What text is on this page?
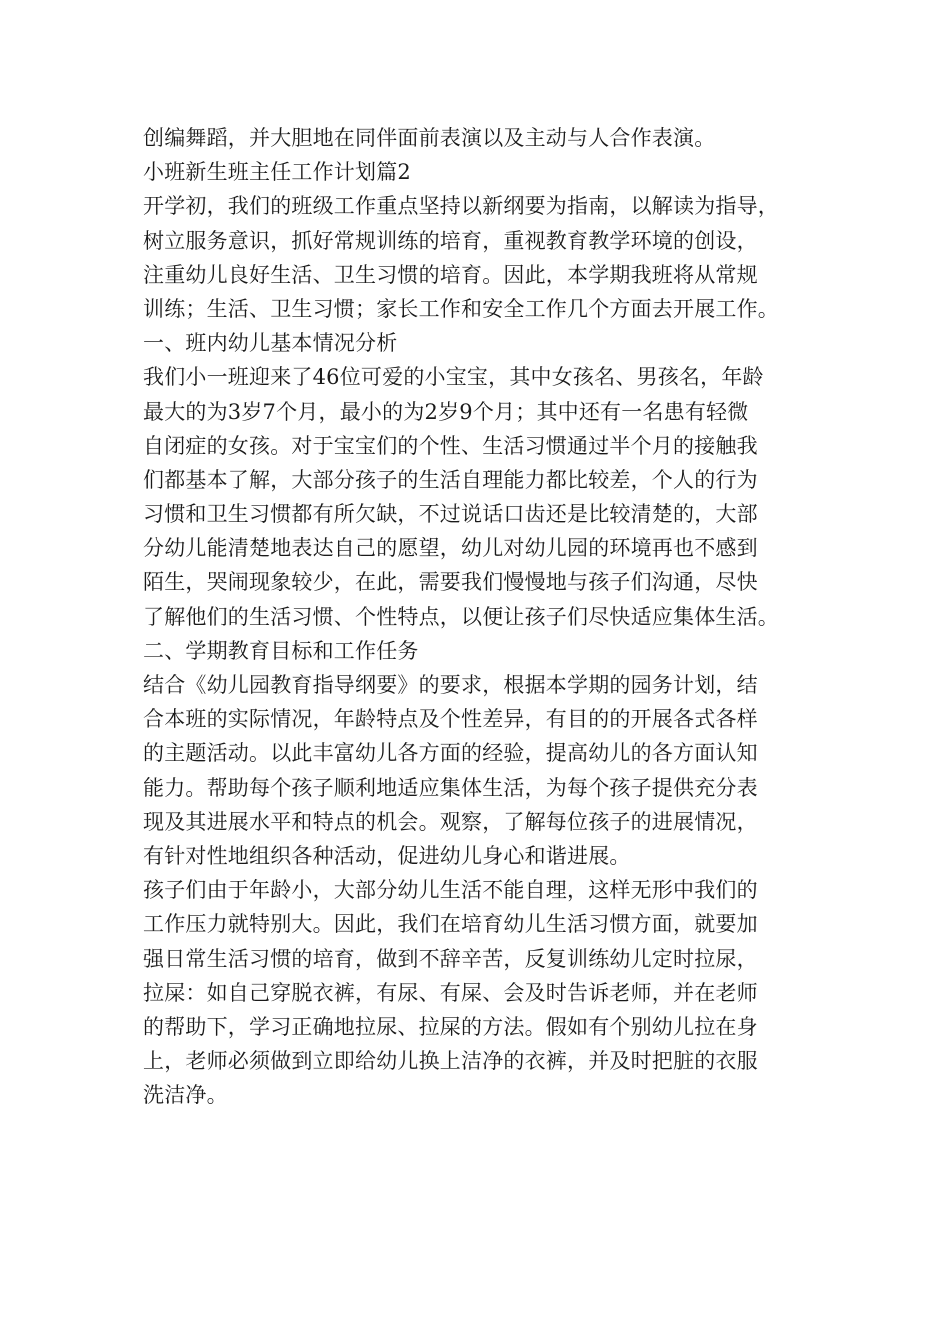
创编舞蹈，并大胆地在同伴面前表演以及主动与人合作表演。
小班新生班主任工作计划篇2
开学初，我们的班级工作重点坚持以新纲要为指南，以解读为指导，
树立服务意识，抓好常规训练的培育，重视教育教学环境的创设，
注重幼儿良好生活、卫生习惯的培育。因此，本学期我班将从常规
训练；生活、卫生习惯；家长工作和安全工作几个方面去开展工作。
一、班内幼儿基本情况分析
我们小一班迎来了46位可爱的小宝宝，其中女孩名、男孩名，年龄
最大的为3岁7个月，最小的为2岁9个月；其中还有一名患有轻微
自闭症的女孩。对于宝宝们的个性、生活习惯通过半个月的接触我
们都基本了解，大部分孩子的生活自理能力都比较差，个人的行为
习惯和卫生习惯都有所欠缺，不过说话口齿还是比较清楚的，大部
分幼儿能清楚地表达自己的愿望，幼儿对幼儿园的环境再也不感到
陌生，哭闹现象较少，在此，需要我们慢慢地与孩子们沟通，尽快
了解他们的生活习惯、个性特点，以便让孩子们尽快适应集体生活。
二、学期教育目标和工作任务
结合《幼儿园教育指导纲要》的要求，根据本学期的园务计划，结
合本班的实际情况，年龄特点及个性差异，有目的的开展各式各样
的主题活动。以此丰富幼儿各方面的经验，提高幼儿的各方面认知
能力。帮助每个孩子顺利地适应集体生活，为每个孩子提供充分表
现及其进展水平和特点的机会。观察，了解每位孩子的进展情况，
有针对性地组织各种活动，促进幼儿身心和谐进展。
孩子们由于年龄小，大部分幼儿生活不能自理，这样无形中我们的
工作压力就特别大。因此，我们在培育幼儿生活习惯方面，就要加
强日常生活习惯的培育，做到不辞辛苦，反复训练幼儿定时拉尿，
拉屎：如自己穿脱衣裤，有尿、有屎、会及时告诉老师，并在老师
的帮助下，学习正确地拉尿、拉屎的方法。假如有个别幼儿拉在身
上，老师必须做到立即给幼儿换上洁净的衣裤，并及时把脏的衣服
洗洁净。
